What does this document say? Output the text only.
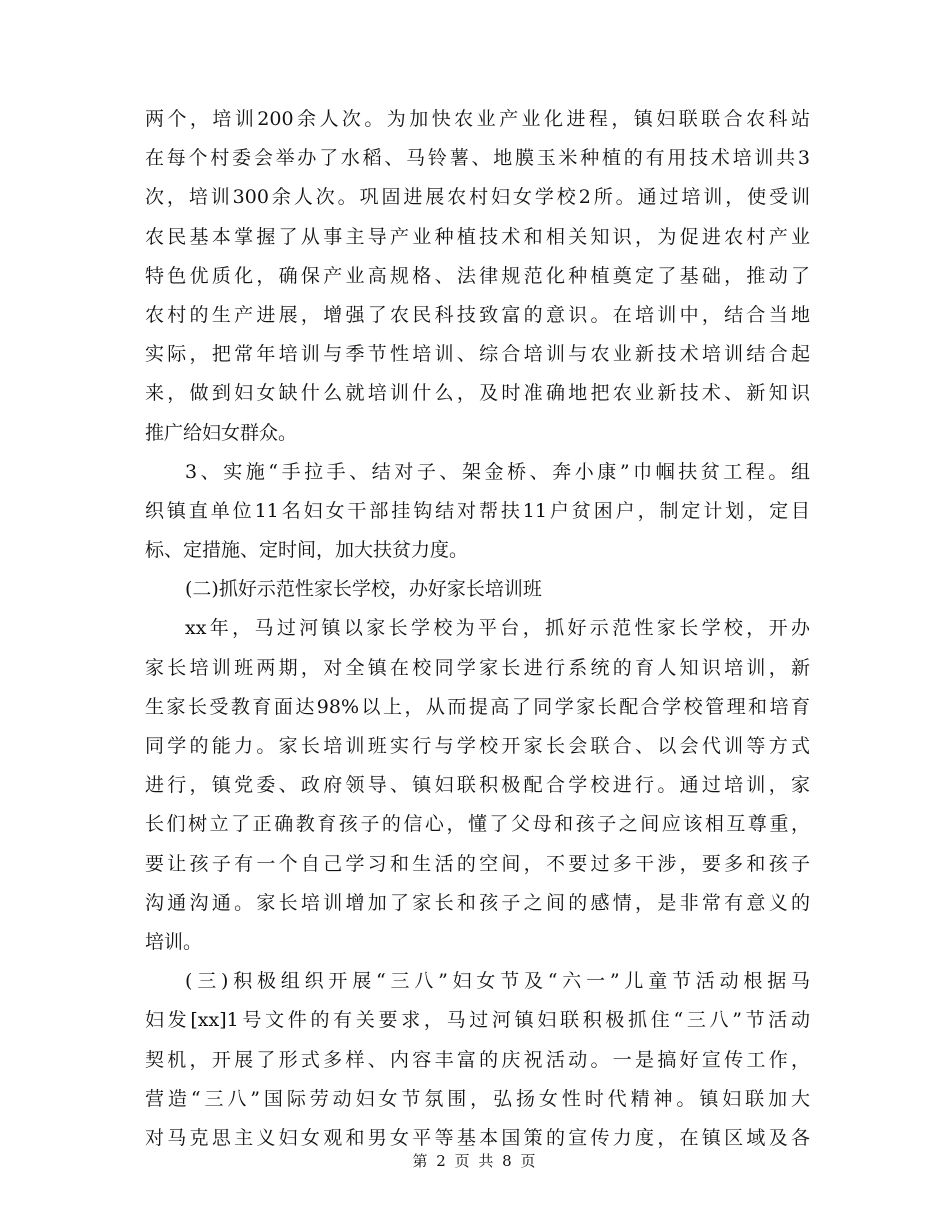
两个，培训200余人次。为加快农业产业化进程，镇妇联联合农科站
在每个村委会举办了水稻、马铃薯、地膜玉米种植的有用技术培训共3
次，培训300余人次。巩固进展农村妇女学校2所。通过培训，使受训
农民基本掌握了从事主导产业种植技术和相关知识，为促进农村产业
特色优质化，确保产业高规格、法律规范化种植奠定了基础，推动了
农村的生产进展，增强了农民科技致富的意识。在培训中，结合当地
实际，把常年培训与季节性培训、综合培训与农业新技术培训结合起
来，做到妇女缺什么就培训什么，及时准确地把农业新技术、新知识
推广给妇女群众。
3、实施“手拉手、结对子、架金桥、奔小康”巾帼扶贫工程。组
织镇直单位11名妇女干部挂钩结对帮扶11户贫困户，制定计划，定目
标、定措施、定时间，加大扶贫力度。
(二)抓好示范性家长学校，办好家长培训班
xx年，马过河镇以家长学校为平台，抓好示范性家长学校，开办
家长培训班两期，对全镇在校同学家长进行系统的育人知识培训，新
生家长受教育面达98%以上，从而提高了同学家长配合学校管理和培育
同学的能力。家长培训班实行与学校开家长会联合、以会代训等方式
进行，镇党委、政府领导、镇妇联积极配合学校进行。通过培训，家
长们树立了正确教育孩子的信心，懂了父母和孩子之间应该相互尊重，
要让孩子有一个自己学习和生活的空间，不要过多干涉，要多和孩子
沟通沟通。家长培训增加了家长和孩子之间的感情，是非常有意义的
培训。
(三)积极组织开展“三八”妇女节及“六一”儿童节活动根据马
妇发[xx]1号文件的有关要求，马过河镇妇联积极抓住“三八”节活动
契机，开展了形式多样、内容丰富的庆祝活动。一是搞好宣传工作，
营造“三八”国际劳动妇女节氛围，弘扬女性时代精神。镇妇联加大
对马克思主义妇女观和男女平等基本国策的宣传力度，在镇区域及各
第 2 页 共 8 页
